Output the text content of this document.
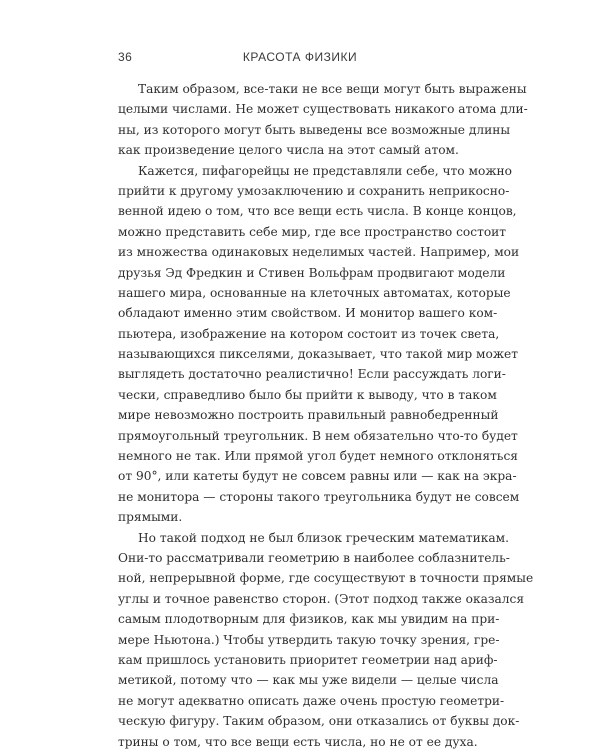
36	КРАСОТА ФИЗИКИ
Таким образом, все-таки не все вещи могут быть выражены
целыми числами. Не может существовать никакого атома дли-
ны, из которого могут быть выведены все возможные длины
как произведение целого числа на этот самый атом.
Кажется, пифагорейцы не представляли себе, что можно
прийти к другому умозаключению и сохранить неприкосно-
венной идею о том, что все вещи есть числа. В конце концов,
можно представить себе мир, где все пространство состоит
из множества одинаковых неделимых частей. Например, мои
друзья Эд Фредкин и Стивен Вольфрам продвигают модели
нашего мира, основанные на клеточных автоматах, которые
обладают именно этим свойством. И монитор вашего ком-
пьютера, изображение на котором состоит из точек света,
называющихся пикселями, доказывает, что такой мир может
выглядеть достаточно реалистично! Если рассуждать логи-
чески, справедливо было бы прийти к выводу, что в таком
мире невозможно построить правильный равнобедренный
прямоугольный треугольник. В нем обязательно что-то будет
немного не так. Или прямой угол будет немного отклоняться
от 90°, или катеты будут не совсем равны или — как на экра-
не монитора — стороны такого треугольника будут не совсем
прямыми.
Но такой подход не был близок греческим математикам.
Они-то рассматривали геометрию в наиболее соблазнитель-
ной, непрерывной форме, где сосуществуют в точности прямые
углы и точное равенство сторон. (Этот подход также оказался
самым плодотворным для физиков, как мы увидим на при-
мере Ньютона.) Чтобы утвердить такую точку зрения, гре-
кам пришлось установить приоритет геометрии над ариф-
метикой, потому что — как мы уже видели — целые числа
не могут адекватно описать даже очень простую геометри-
ческую фигуру. Таким образом, они отказались от буквы док-
трины о том, что все вещи есть числа, но не от ее духа.
